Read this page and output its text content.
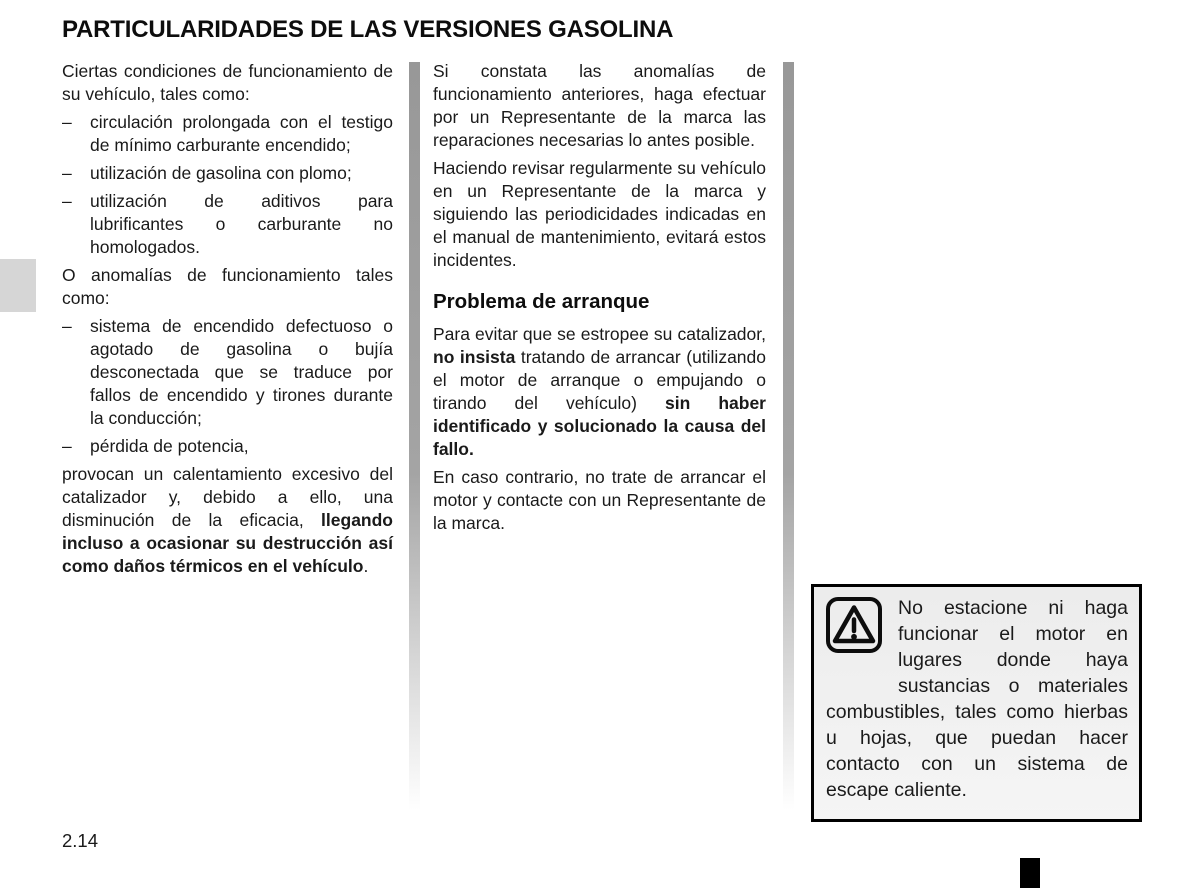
PARTICULARIDADES DE LAS VERSIONES GASOLINA

Ciertas condiciones de funcionamiento de su vehículo, tales como:

– circulación prolongada con el testigo de mínimo carburante encendido;
– utilización de gasolina con plomo;
– utilización de aditivos para lubrificantes o carburante no homologados.

O anomalías de funcionamiento tales como:

– sistema de encendido defectuoso o agotado de gasolina o bujía desconectada que se traduce por fallos de encendido y tirones durante la conducción;
– pérdida de potencia,

provocan un calentamiento excesivo del catalizador y, debido a ello, una disminución de la eficacia, llegando incluso a ocasionar su destrucción así como daños térmicos en el vehículo.

Si constata las anomalías de funcionamiento anteriores, haga efectuar por un Representante de la marca las reparaciones necesarias lo antes posible.

Haciendo revisar regularmente su vehículo en un Representante de la marca y siguiendo las periodicidades indicadas en el manual de mantenimiento, evitará estos incidentes.

Problema de arranque

Para evitar que se estropee su catalizador, no insista tratando de arrancar (utilizando el motor de arranque o empujando o tirando del vehículo) sin haber identificado y solucionado la causa del fallo.

En caso contrario, no trate de arrancar el motor y contacte con un Representante de la marca.

No estacione ni haga funcionar el motor en lugares donde haya sustancias o materiales combustibles, tales como hierbas u hojas, que puedan hacer contacto con un sistema de escape caliente.

2.14
